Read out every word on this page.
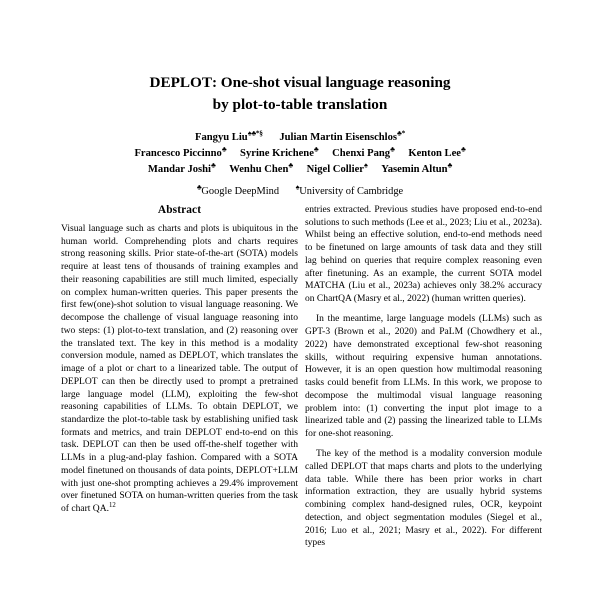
DEPLOT: One-shot visual language reasoning
by plot-to-table translation
Fangyu Liu♠♣*§ Julian Martin Eisenschlos♣*
Francesco Piccinno♣ Syrine Krichene♣ Chenxi Pang♣ Kenton Lee♣
Mandar Joshi♣ Wenhu Chen♣ Nigel Collier♠ Yasemin Altun♣
♣Google DeepMind ♠University of Cambridge
Abstract

Visual language such as charts and plots is ubiquitous in the human world. Comprehending plots and charts requires strong reasoning skills. Prior state-of-the-art (SOTA) models require at least tens of thousands of training examples and their reasoning capabilities are still much limited, especially on complex human-written queries. This paper presents the first few(one)-shot solution to visual language reasoning. We decompose the challenge of visual language reasoning into two steps: (1) plot-to-text translation, and (2) reasoning over the translated text. The key in this method is a modality conversion module, named as DEPLOT, which translates the image of a plot or chart to a linearized table. The output of DEPLOT can then be directly used to prompt a pretrained large language model (LLM), exploiting the few-shot reasoning capabilities of LLMs. To obtain DEPLOT, we standardize the plot-to-table task by establishing unified task formats and metrics, and train DEPLOT end-to-end on this task. DEPLOT can then be used off-the-shelf together with LLMs in a plug-and-play fashion. Compared with a SOTA model finetuned on thousands of data points, DEPLOT+LLM with just one-shot prompting achieves a 29.4% improvement over finetuned SOTA on human-written queries from the task of chart QA.$^{12}$

entries extracted. Previous studies have proposed end-to-end solutions to such methods (Lee et al., 2023; Liu et al., 2023a). Whilst being an effective solution, end-to-end methods need to be finetuned on large amounts of task data and they still lag behind on queries that require complex reasoning even after finetuning. As an example, the current SOTA model MATCHA (Liu et al., 2023a) achieves only 38.2% accuracy on ChartQA (Masry et al., 2022) (human written queries).

In the meantime, large language models (LLMs) such as GPT-3 (Brown et al., 2020) and PaLM (Chowdhery et al., 2022) have demonstrated exceptional few-shot reasoning skills, without requiring expensive human annotations. However, it is an open question how multimodal reasoning tasks could benefit from LLMs. In this work, we propose to decompose the multimodal visual language reasoning problem into: (1) converting the input plot image to a linearized table and (2) passing the linearized table to LLMs for one-shot reasoning.

The key of the method is a modality conversion module called DEPLOT that maps charts and plots to the underlying data table. While there has been prior works in chart information extraction, they are usually hybrid systems combining complex hand-designed rules, OCR, keypoint detection, and object segmentation modules (Siegel et al., 2016; Luo et al., 2021; Masry et al., 2022). For different types
